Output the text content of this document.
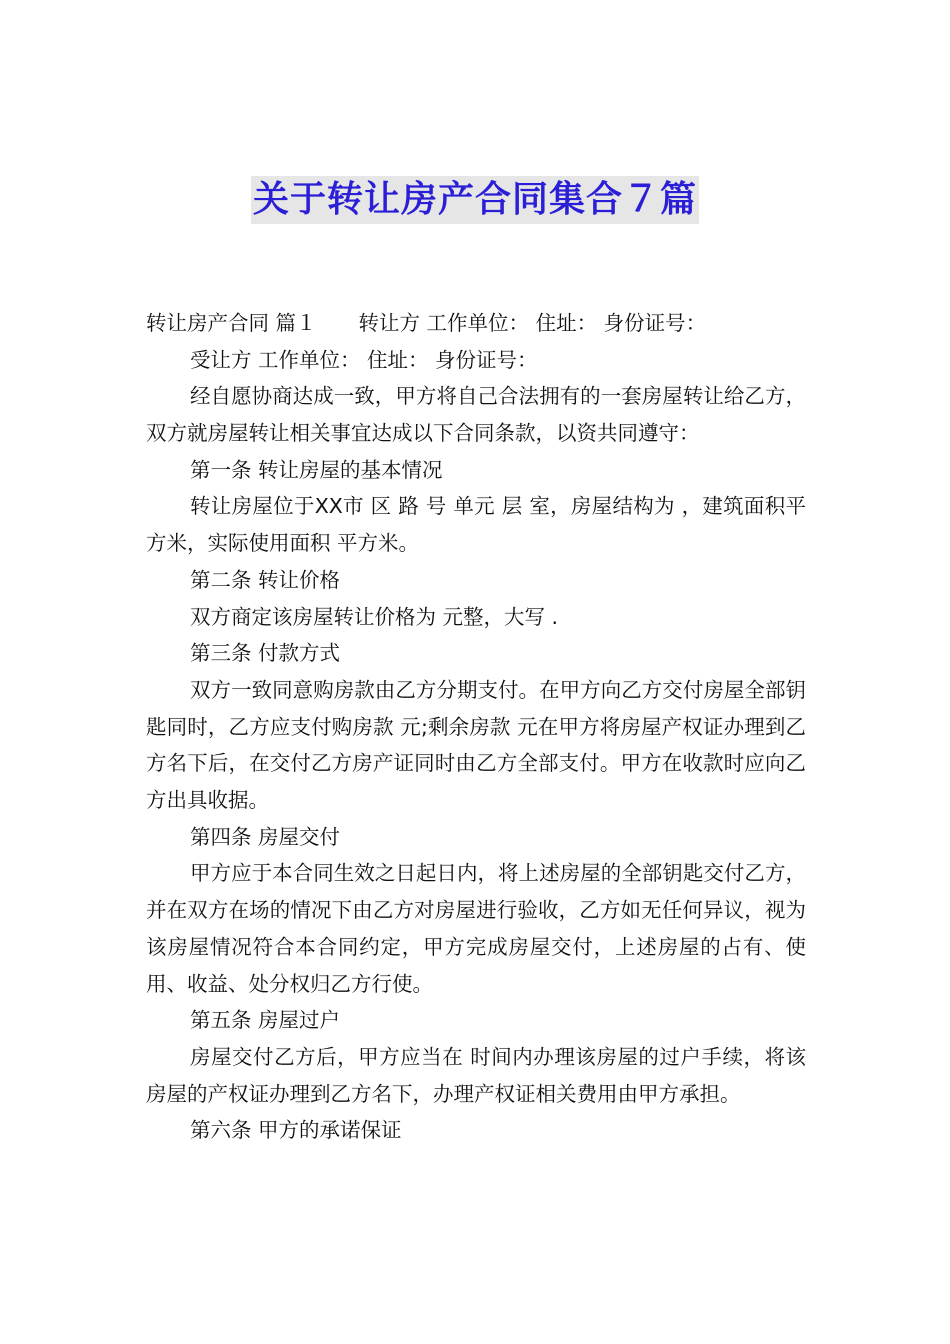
关于转让房产合同集合７篇
转让房产合同 篇１ 转让方 工作单位： 住址： 身份证号：
受让方 工作单位： 住址： 身份证号：
经自愿协商达成一致，甲方将自己合法拥有的一套房屋转让给乙方，双方就房屋转让相关事宜达成以下合同条款，以资共同遵守：
第一条 转让房屋的基本情况
转让房屋位于XX市 区 路 号 单元 层 室，房屋结构为 ，建筑面积平方米，实际使用面积 平方米。
第二条 转让价格
双方商定该房屋转让价格为 元整，大写 .
第三条 付款方式
双方一致同意购房款由乙方分期支付。在甲方向乙方交付房屋全部钥匙同时，乙方应支付购房款 元;剩余房款 元在甲方将房屋产权证办理到乙方名下后，在交付乙方房产证同时由乙方全部支付。甲方在收款时应向乙方出具收据。
第四条 房屋交付
甲方应于本合同生效之日起日内，将上述房屋的全部钥匙交付乙方，并在双方在场的情况下由乙方对房屋进行验收，乙方如无任何异议，视为该房屋情况符合本合同约定，甲方完成房屋交付，上述房屋的占有、使用、收益、处分权归乙方行使。
第五条 房屋过户
房屋交付乙方后，甲方应当在 时间内办理该房屋的过户手续，将该房屋的产权证办理到乙方名下，办理产权证相关费用由甲方承担。
第六条 甲方的承诺保证
